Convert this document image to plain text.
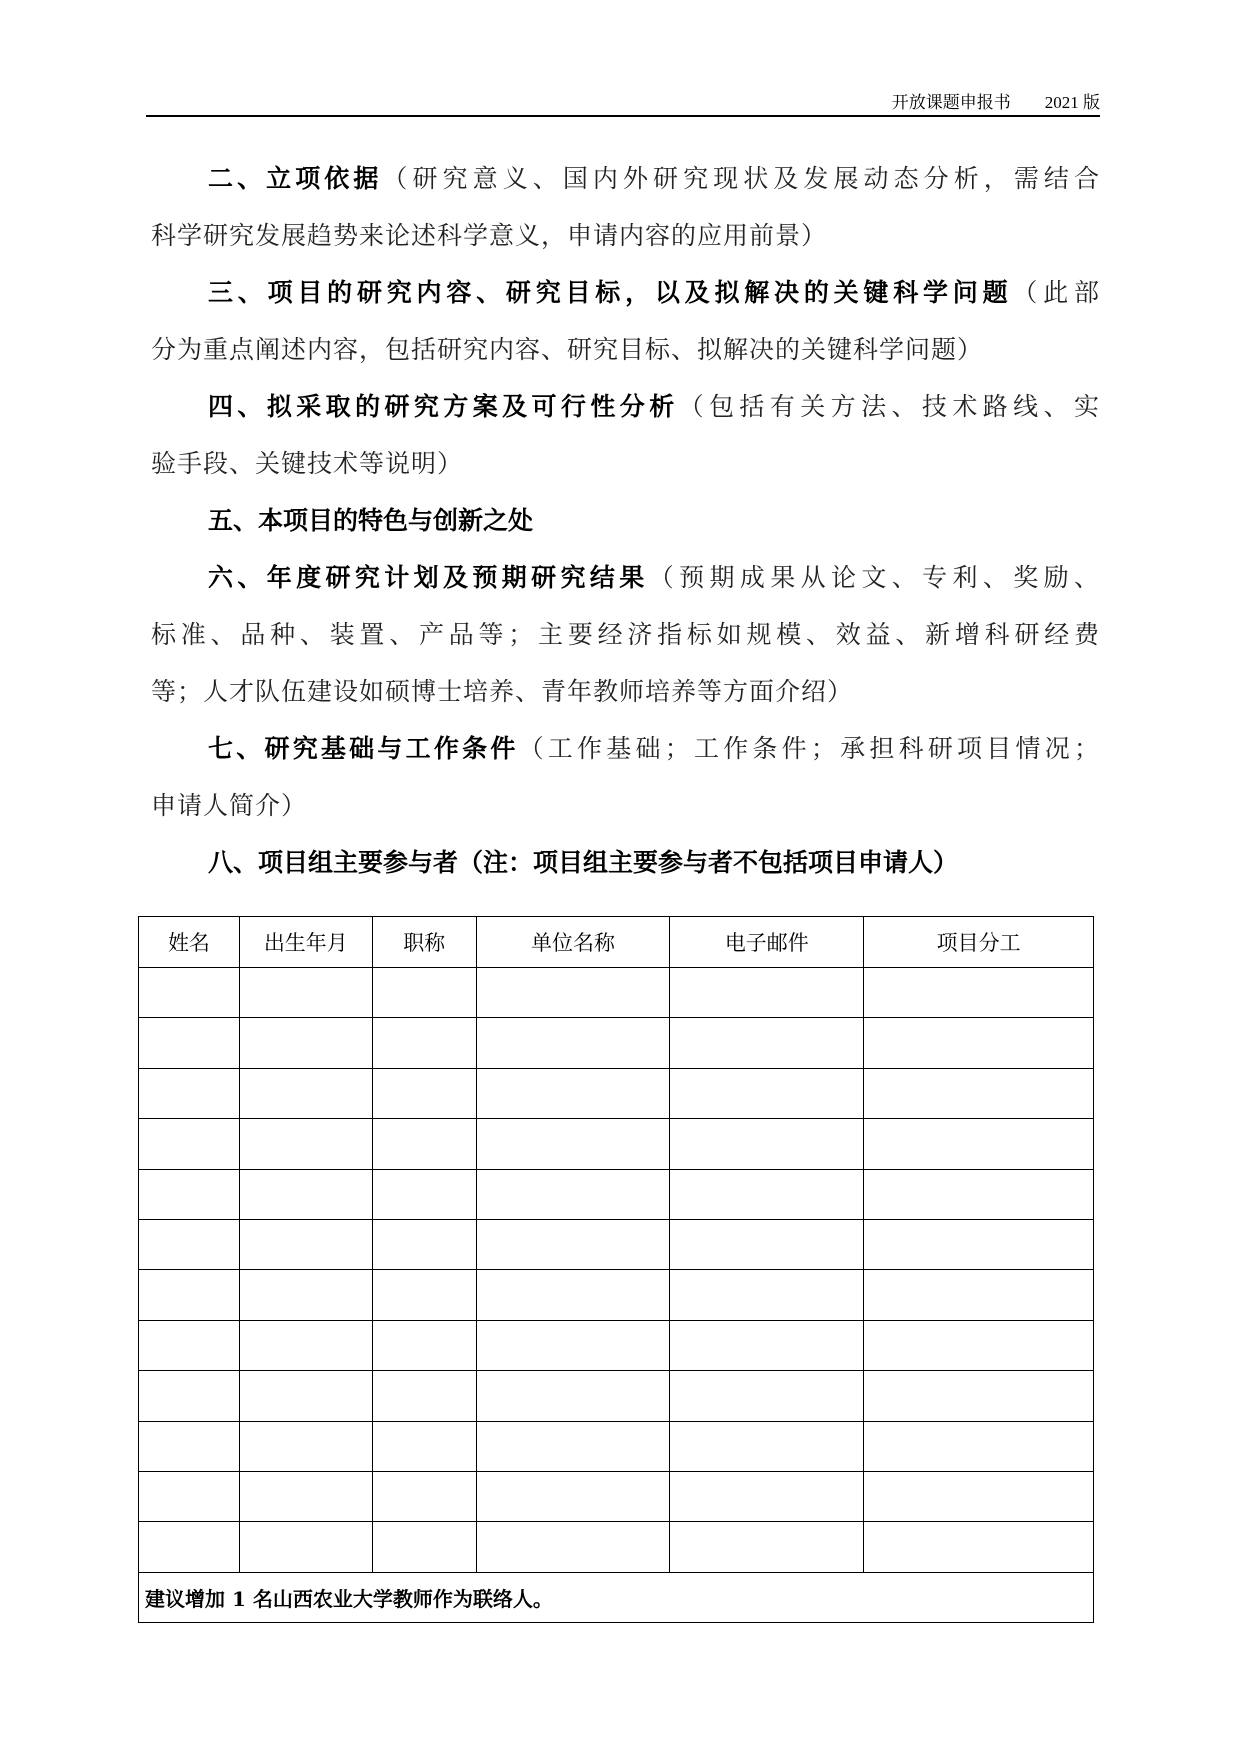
开放课题申报书 2021 版
二、立项依据（研究意义、国内外研究现状及发展动态分析，需结合
科学研究发展趋势来论述科学意义，申请内容的应用前景）
三、项目的研究内容、研究目标，以及拟解决的关键科学问题（此部
分为重点阐述内容，包括研究内容、研究目标、拟解决的关键科学问题）
四、拟采取的研究方案及可行性分析（包括有关方法、技术路线、实
验手段、关键技术等说明）
五、本项目的特色与创新之处
六、年度研究计划及预期研究结果（预期成果从论文、专利、奖励、
标准、品种、装置、产品等；主要经济指标如规模、效益、新增科研经费
等；人才队伍建设如硕博士培养、青年教师培养等方面介绍）
七、研究基础与工作条件（工作基础；工作条件；承担科研项目情况；
申请人简介）
八、项目组主要参与者（注：项目组主要参与者不包括项目申请人）
姓名	出生年月	职称	单位名称	电子邮件	项目分工

建议增加 1 名山西农业大学教师作为联络人。					
